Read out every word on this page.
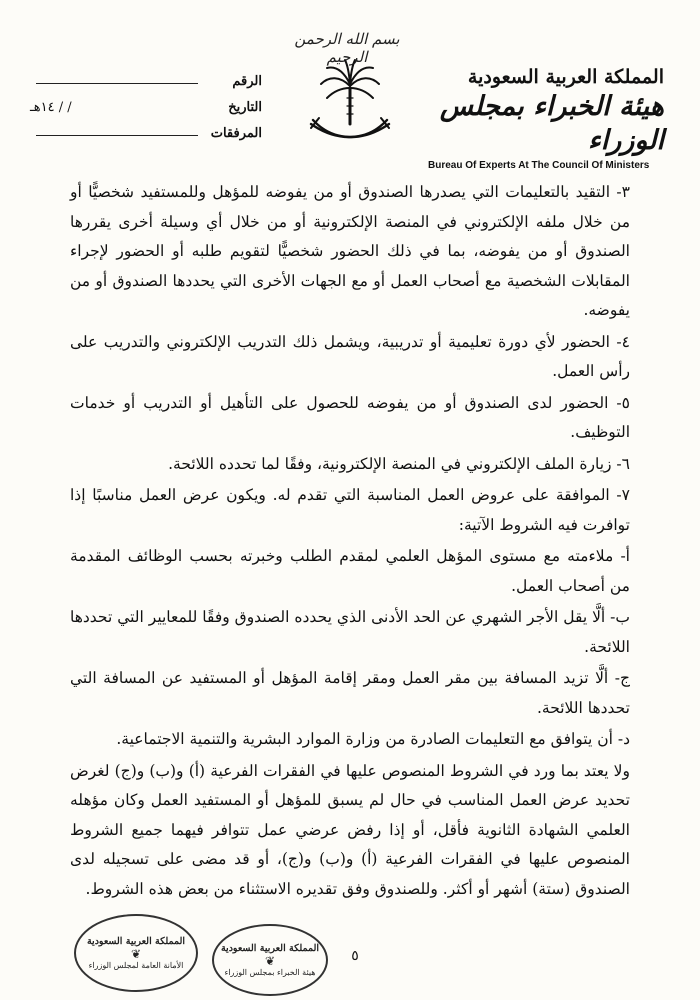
بسم الله الرحمن الرحيم
الرقم
التاريخ
/ / ١٤هـ
المرفقات
المملكة العربية السعودية
هيئة الخبراء بمجلس الوزراء
Bureau Of Experts At The Council Of Ministers

٣- التقيد بالتعليمات التي يصدرها الصندوق أو من يفوضه للمؤهل وللمستفيد شخصيًّا أو من خلال ملفه الإلكتروني في المنصة الإلكترونية أو من خلال أي وسيلة أخرى يقررها الصندوق أو من يفوضه، بما في ذلك الحضور شخصيًّا لتقويم طلبه أو الحضور لإجراء المقابلات الشخصية مع أصحاب العمل أو مع الجهات الأخرى التي يحددها الصندوق أو من يفوضه.

٤- الحضور لأي دورة تعليمية أو تدريبية، ويشمل ذلك التدريب الإلكتروني والتدريب على رأس العمل.

٥- الحضور لدى الصندوق أو من يفوضه للحصول على التأهيل أو التدريب أو خدمات التوظيف.

٦- زيارة الملف الإلكتروني في المنصة الإلكترونية، وفقًا لما تحدده اللائحة.

٧- الموافقة على عروض العمل المناسبة التي تقدم له. ويكون عرض العمل مناسبًا إذا توافرت فيه الشروط الآتية:

أ- ملاءمته مع مستوى المؤهل العلمي لمقدم الطلب وخبرته بحسب الوظائف المقدمة من أصحاب العمل.

ب- ألَّا يقل الأجر الشهري عن الحد الأدنى الذي يحدده الصندوق وفقًا للمعايير التي تحددها اللائحة.

ج- ألَّا تزيد المسافة بين مقر العمل ومقر إقامة المؤهل أو المستفيد عن المسافة التي تحددها اللائحة.

د- أن يتوافق مع التعليمات الصادرة من وزارة الموارد البشرية والتنمية الاجتماعية.

ولا يعتد بما ورد في الشروط المنصوص عليها في الفقرات الفرعية (أ) و(ب) و(ج) لغرض تحديد عرض العمل المناسب في حال لم يسبق للمؤهل أو المستفيد العمل وكان مؤهله العلمي الشهادة الثانوية فأقل، أو إذا رفض عرضي عمل تتوافر فيهما جميع الشروط المنصوص عليها في الفقرات الفرعية (أ) و(ب) و(ج)، أو قد مضى على تسجيله لدى الصندوق (ستة) أشهر أو أكثر. وللصندوق وفق تقديره الاستثناء من بعض هذه الشروط.

المملكة العربية السعودية
❦
الأمانة العامة لمجلس الوزراء
المملكة العربية السعودية
❦
هيئة الخبراء بمجلس الوزراء
٥
